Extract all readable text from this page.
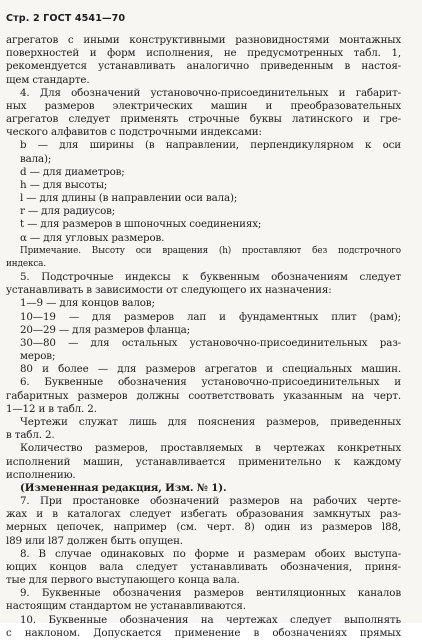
Стр. 2 ГОСТ 4541—70
агрегатов с иными конструктивными разновидностями монтажных
поверхностей и форм исполнения, не предусмотренных табл. 1,
рекомендуется устанавливать аналогично приведенным в настоя-
щем стандарте.
4. Для обозначений установочно-присоединительных и габарит-
ных размеров электрических машин и преобразовательных
агрегатов следует применять строчные буквы латинского и гре-
ческого алфавитов с подстрочными индексами:
b — для ширины (в направлении, перпендикулярном к оси
вала);
d — для диаметров;
h — для высоты;
l — для длины (в направлении оси вала);
r — для радиусов;
t — для размеров в шпоночных соединениях;
α — для угловых размеров.
Примечание. Высоту оси вращения (h) проставляют без подстрочного
индекса.
5. Подстрочные индексы к буквенным обозначениям следует
устанавливать в зависимости от следующего их назначения:
1—9 — для концов валов;
10—19 — для размеров лап и фундаментных плит (рам);
20—29 — для размеров фланца;
30—80 — для остальных установочно-присоединительных раз-
меров;
80 и более — для размеров агрегатов и специальных машин.
6. Буквенные обозначения установочно-присоединительных и
габаритных размеров должны соответствовать указанным на черт.
1—12 и в табл. 2.
Чертежи служат лишь для пояснения размеров, приведенных
в табл. 2.
Количество размеров, проставляемых в чертежах конкретных
исполнений машин, устанавливается применительно к каждому
исполнению.
(Измененная редакция, Изм. № 1).
7. При простановке обозначений размеров на рабочих черте-
жах и в каталогах следует избегать образования замкнутых раз-
мерных цепочек, например (см. черт. 8) один из размеров l88,
l89 или l87 должен быть опущен.
8. В случае одинаковых по форме и размерам обоих выступа-
ющих концов вала следует устанавливать обозначения, приня-
тые для первого выступающего конца вала.
9. Буквенные обозначения размеров вентиляционных каналов
настоящим стандартом не устанавливаются.
10. Буквенные обозначения на чертежах следует выполнять
с наклоном. Допускается применение в обозначениях прямых
